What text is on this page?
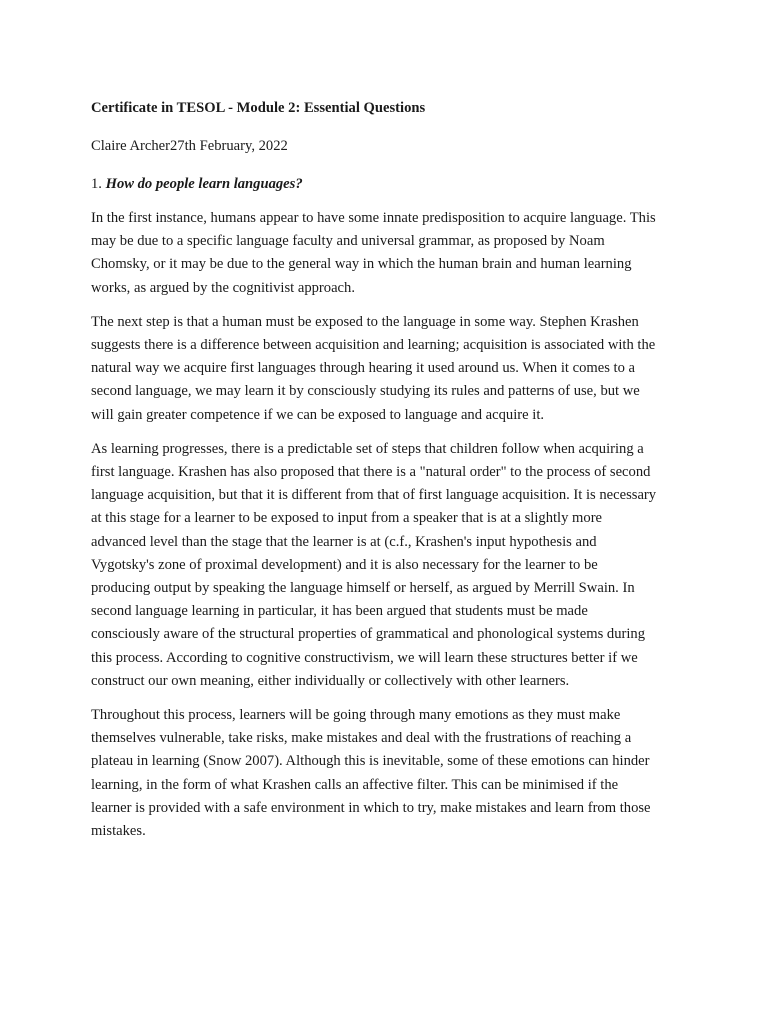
Certificate in TESOL - Module 2: Essential Questions

Claire Archer27th February, 2022

1. How do people learn languages?

In the first instance, humans appear to have some innate predisposition to acquire language. This
may be due to a specific language faculty and universal grammar, as proposed by Noam
Chomsky, or it may be due to the general way in which the human brain and human learning
works, as argued by the cognitivist approach.

The next step is that a human must be exposed to the language in some way. Stephen Krashen
suggests there is a difference between acquisition and learning; acquisition is associated with the
natural way we acquire first languages through hearing it used around us. When it comes to a
second language, we may learn it by consciously studying its rules and patterns of use, but we
will gain greater competence if we can be exposed to language and acquire it.

As learning progresses, there is a predictable set of steps that children follow when acquiring a
first language. Krashen has also proposed that there is a "natural order" to the process of second
language acquisition, but that it is different from that of first language acquisition. It is necessary
at this stage for a learner to be exposed to input from a speaker that is at a slightly more
advanced level than the stage that the learner is at (c.f., Krashen's input hypothesis and
Vygotsky's zone of proximal development) and it is also necessary for the learner to be
producing output by speaking the language himself or herself, as argued by Merrill Swain. In
second language learning in particular, it has been argued that students must be made
consciously aware of the structural properties of grammatical and phonological systems during
this process. According to cognitive constructivism, we will learn these structures better if we
construct our own meaning, either individually or collectively with other learners.

Throughout this process, learners will be going through many emotions as they must make
themselves vulnerable, take risks, make mistakes and deal with the frustrations of reaching a
plateau in learning (Snow 2007). Although this is inevitable, some of these emotions can hinder
learning, in the form of what Krashen calls an affective filter. This can be minimised if the
learner is provided with a safe environment in which to try, make mistakes and learn from those
mistakes.
